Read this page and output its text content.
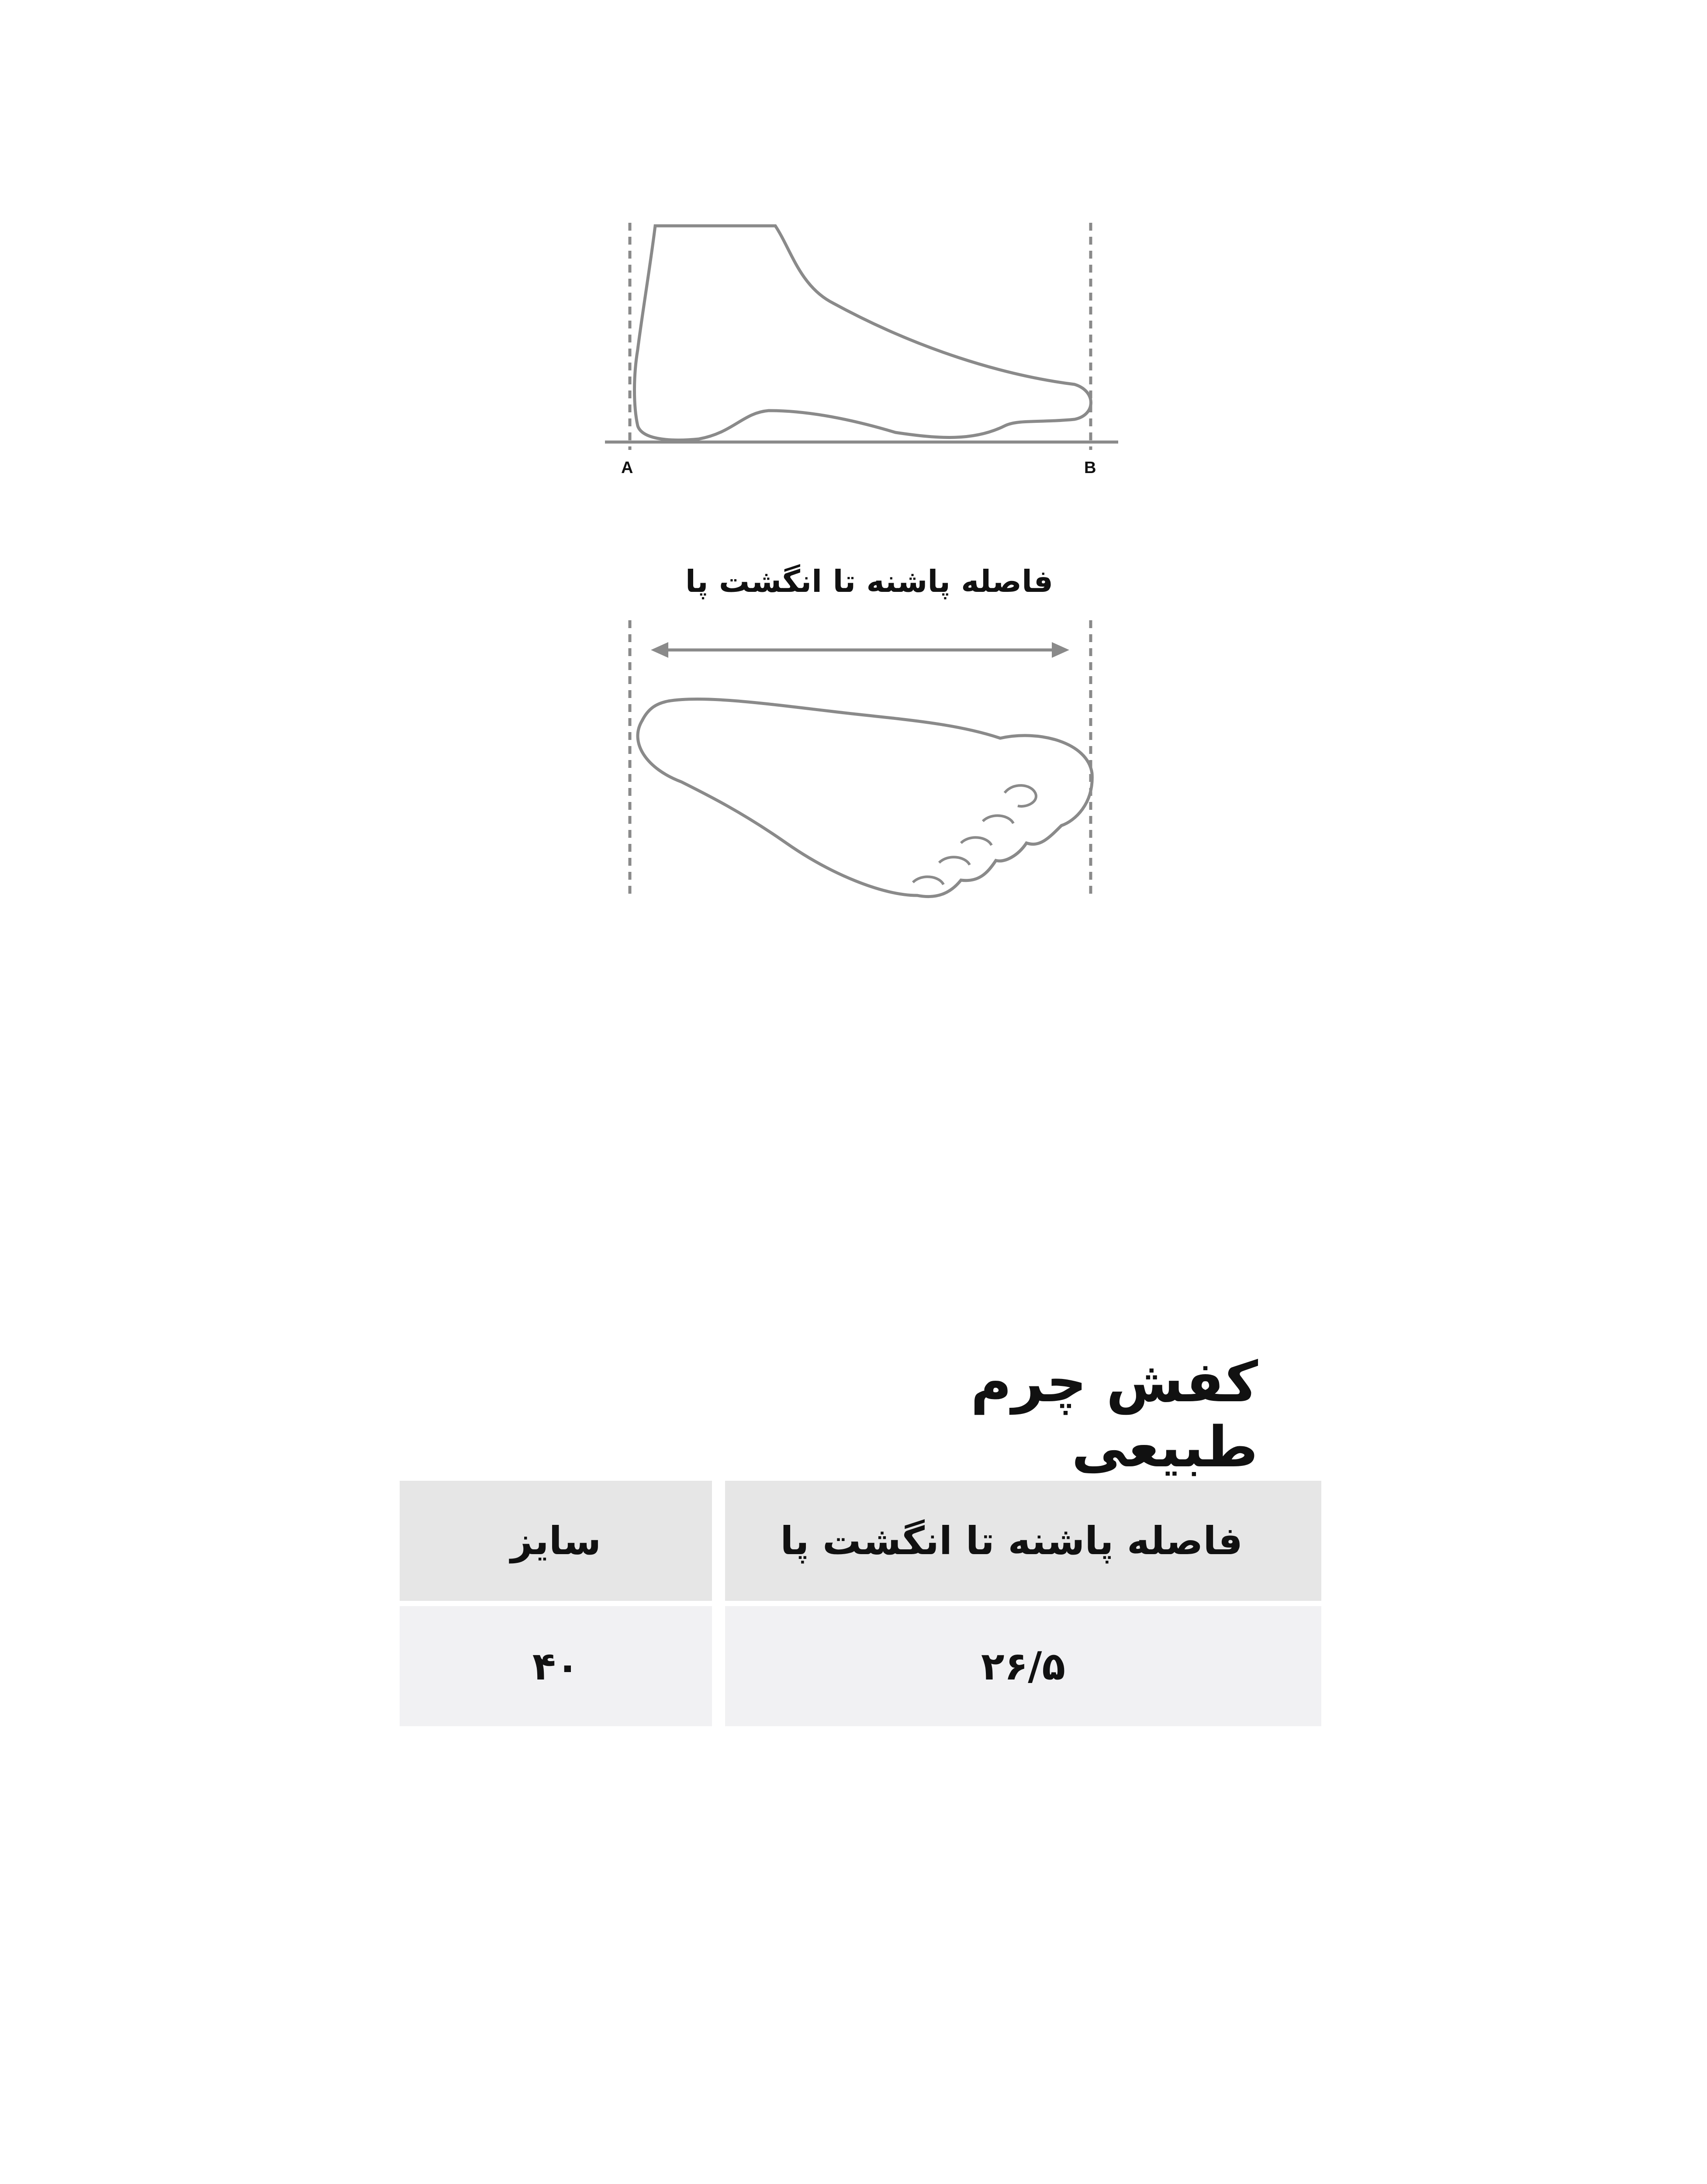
A	B
فاصله پاشنه تا انگشت پا
کفش چرم طبیعی
فاصله پاشنه تا انگشت پا
سایز
۲۶/۵
۴۰
